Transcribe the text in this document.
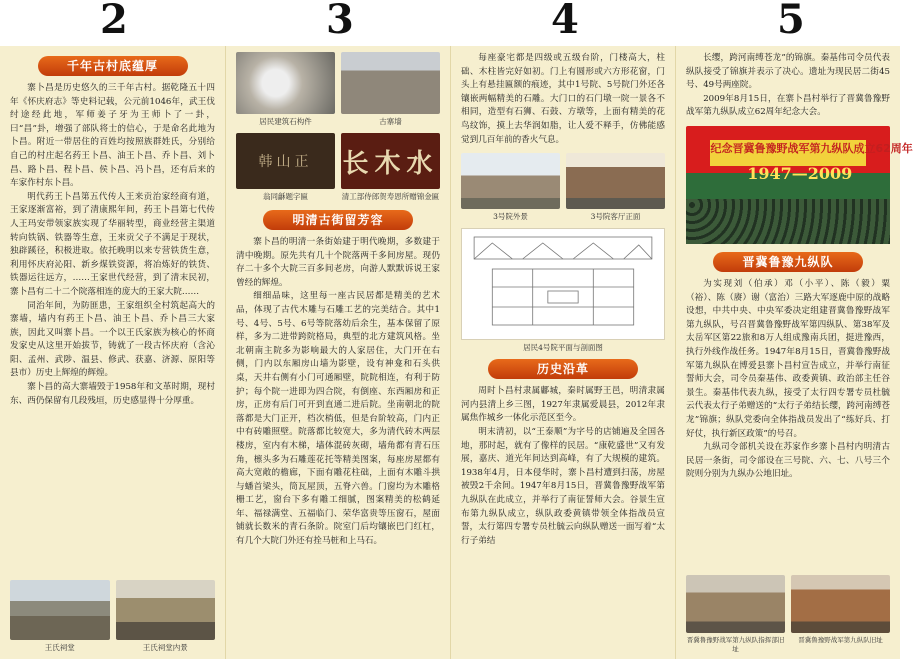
2	3	4	5
千年古村底蕴厚

寨卜昌是历史悠久的三千年古村。据乾隆五十四年《怀庆府志》等史料记载，公元前1046年，武王伐纣途经此地，军师姜子牙为王师卜了一卦，曰“昌”卦，增强了部队将士的信心，于是命名此地为卜昌。附近一带居住的百姓均按照族群姓氏，分别给自己的村庄起名药王卜昌、油王卜昌、乔卜昌、刘卜昌、路卜昌、程卜昌、侯卜昌、冯卜昌，还有后来的车家作村东卜昌。

明代药王卜昌第五代传人王来贡治家经商有道，王家逐渐富裕，到了清康熙年间，药王卜昌第七代传人王玛安带领家族实现了华丽转型，商业经营主渠道转向铁锅、铁器等生意，王来贡父子不满足于现状，独辟蹊径，积极进取。依托晚明以来专营铁货生意，利用怀庆府沁阳、新乡煤铁资源，将冶炼好的铁货、铁器运往远方，……王家世代经营，到了清末民初，寨卜昌有二十二个院落相连的庞大的王家大院……

同治年间，为防匪患，王家组织全村筑起高大的寨墙，墙内有药王卜昌、油王卜昌、乔卜昌三大家族，因此又叫寨卜昌。一个以王氏家族为核心的怀商发家史从这里开始拔节，铸就了一段古怀庆府（含沁阳、孟州、武陟、温县、修武、获嘉、济源、原阳等县市）历史上辉煌的辉煌。

寨卜昌的高大寨墙毁于1958年和文革时期，现村东、西仍保留有几段残垣，历史感显得十分厚重。

王氏祠堂	王氏祠堂内景
居民建筑石构件	古寨墙
韩山正
翁同龢题字匾
长木水
清工部侍郎贺寿恩所赠锦金匾
明清古街留芳容

寨卜昌的明清一条街始建于明代晚期，多数建于清中晚期。原先共有几十个院落两千多间房屋。现仍存二十多个大院三百多间老房，向游人默默诉说王家曾经的辉煌。

细细品味，这里每一座古民居都是精美的艺术品，体现了古代木雕与石雕工艺的完美结合。其中1号、4号、5号、6号等院落幼后余生，基本保留了原样，多为二进带跨院格局，典型的北方建筑风格。坐北朝南主院多为影响最大的人家居住，大门开在右侧，门内以东厢房山墙为影壁，设有神龛和石头供桌，天井右侧有小门可通厢壁，院院相连，有利于防护；每个院一进即为四合院，有倒座、东西厢房和正房，正房有后门可开到直通二进后院。坐南朝北的院落都是大门正开，档次梢低，但是台阶较高，门内正中有砖雕照壁。院落都比较宽大，多为清代砖木两层楼房，室内有木梯，墙体混砖灰砌，墙角都有青石压角，檩头多为石雕莲花托等精美图案，每座房屋都有高大宽敞的檐廊，下面有雕花柱础，上面有木雕斗拱与蟠首梁头，筒瓦屋顶，五脊六兽。门窗均为木雕格栅工艺，窗台下多有雕工细腻，图案精美的松鹤延年、福禄满堂、五福临门、荣华富贵等压窗石，屋面铺就长数米的青石条阶。院室门后均镶嵌巴门红杠，有几个大院门外还有拴马桩和上马石。

每座豪宅都是四级或五级台阶，门楼高大，柱础、木柱皆完好如初。门上有圆形或六方形花窗，门头上有悬挂匾额的痕迹，其中1号院、5号院门外还各镶嵌两幅精美的石雕。大门口的石门墩一院一景各不相同，造型有石狮、石鼓、方墩等，上面有精美的花鸟纹饰，摸上去华润如脂，让人爱不释手，仿佛能感觉到几百年前的香火气息。

3号院外景	3号院客厅正面
居民4号院平面与剖面图
历史沿革

周时卜昌村隶属鄘城，秦时属野王邑，明清隶属河内县清上乡三图，1927年隶属爱晨县，2012年隶属焦作城乡一体化示范区至今。

明末清初，以“王泰顺”为字号的店铺遍及全国各地，那时起，就有了像样的民居。“康乾盛世”又有发展，嘉庆、道光年间达到高峰，有了大规模的建筑。1938年4月，日本侵华时，寨卜昌村遭到扫荡，房屋被毁2千余间。1947年8月15日，晋冀鲁豫野战军第九纵队在此成立，并举行了南征誓师大会。谷景生宣布第九纵队成立，纵队政委黄镇带领全体指战员宣誓，太行第四专署专员杜毓云向纵队赠送一面写着“太行子弟结

长缨，跨河南缚苍龙”的锦旗。秦基伟司令员代表纵队接受了锦旗并表示了决心。遗址为现民居二街45号、49号两座院。

2009年8月15日，在寨卜昌村举行了晋冀鲁豫野战军第九纵队成立62周年纪念大会。

纪念晋冀鲁豫野战军第九纵队成立62周年
1947—2009
晋冀鲁豫九纵队

为实现刘（伯承）邓（小平）、陈（毅）粟（裕）、陈（赓）谢（富治）三路大军逐鹿中原的战略设想，中共中央、中央军委决定组建晋冀鲁豫野战军第九纵队，号召晋冀鲁豫野战军第四纵队、第38军及太岳军区第22旅和8万人组成豫南兵团，挺进豫西，执行外线作战任务。1947年8月15日，晋冀鲁豫野战军第九纵队在博爱县寨卜昌村宣告成立，并举行南征誓师大会，司令员秦基伟、政委黄镇、政治部主任谷景生。秦基伟代表九纵，接受了太行四专署专员杜毓云代表太行子弟赠送的“太行子弟结长缨，跨河南缚苍龙”锦旗；纵队党委向全体指战员发出了“练好兵、打好仗，执行新区政策”的号召。

九纵司令部机关设在苏家作乡寨卜昌村内明清古民居一条街，司令部设在三号院、六、七、八号三个院则分别为九纵办公地旧址。

晋冀鲁豫野战军第九纵队指挥部旧址
晋冀鲁豫野战军第九纵队旧址
